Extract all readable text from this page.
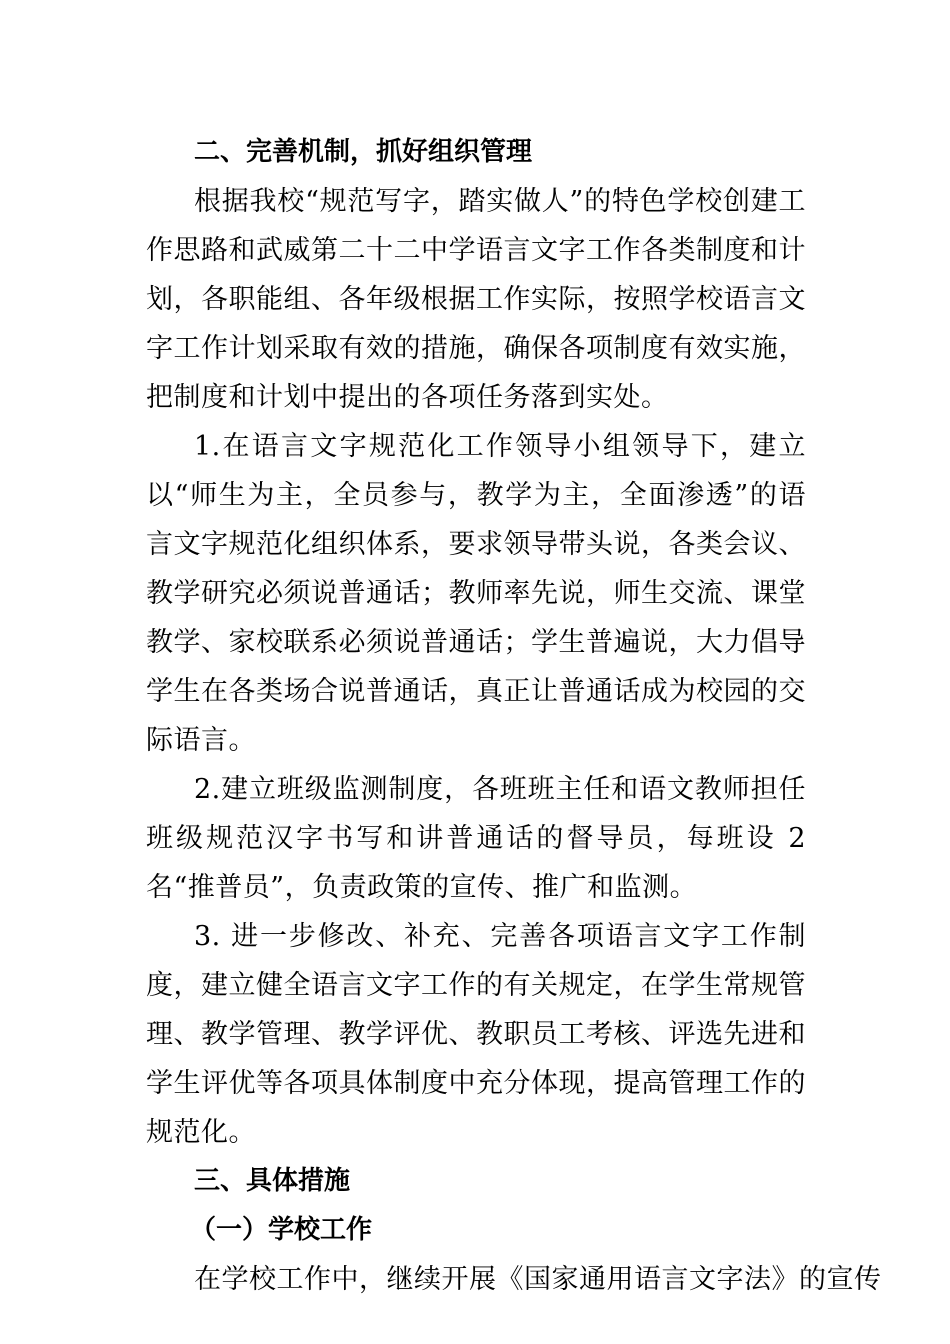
二、完善机制，抓好组织管理

根据我校“规范写字，踏实做人”的特色学校创建工作思路和武威第二十二中学语言文字工作各类制度和计划，各职能组、各年级根据工作实际，按照学校语言文字工作计划采取有效的措施，确保各项制度有效实施，把制度和计划中提出的各项任务落到实处。

1.在语言文字规范化工作领导小组领导下，建立以“师生为主，全员参与，教学为主，全面渗透”的语言文字规范化组织体系，要求领导带头说，各类会议、教学研究必须说普通话；教师率先说，师生交流、课堂教学、家校联系必须说普通话；学生普遍说，大力倡导学生在各类场合说普通话，真正让普通话成为校园的交际语言。

2.建立班级监测制度，各班班主任和语文教师担任班级规范汉字书写和讲普通话的督导员，每班设 2 名“推普员”，负责政策的宣传、推广和监测。

3. 进一步修改、补充、完善各项语言文字工作制度，建立健全语言文字工作的有关规定，在学生常规管理、教学管理、教学评优、教职员工考核、评选先进和学生评优等各项具体制度中充分体现，提高管理工作的规范化。

三、具体措施

（一）学校工作

在学校工作中，继续开展《国家通用语言文字法》的宣传
